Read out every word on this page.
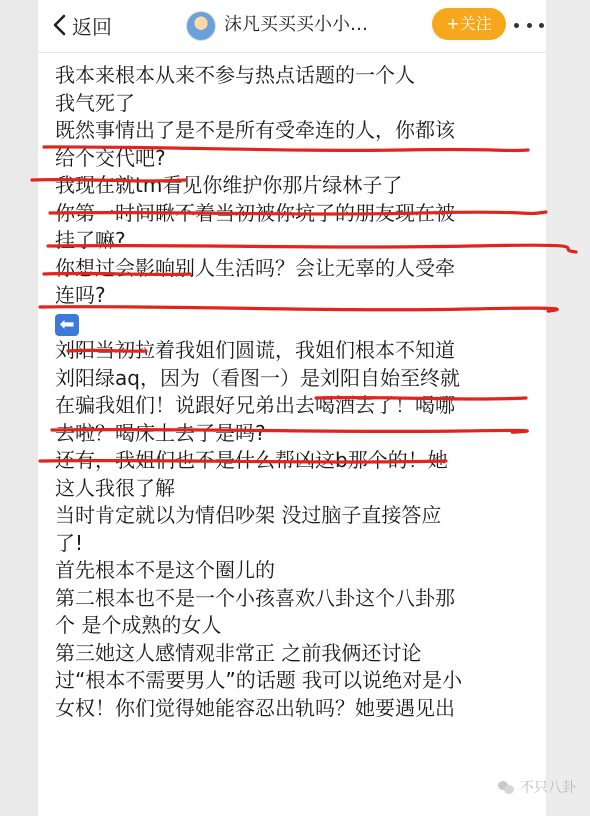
返回	沫凡买买买小小…	+关注
我本来根本从来不参与热点话题的一个人
我气死了
既然事情出了是不是所有受牵连的人，你都该
给个交代吧?
我现在就tm看见你维护你那片绿林子了
你第一时间瞅不着当初被你坑了的朋友现在被
挂了嘛?
你想过会影响别人生活吗？会让无辜的人受牵
连吗?
⬅
刘阳当初拉着我姐们圆谎，我姐们根本不知道
刘阳绿aq，因为（看图一）是刘阳自始至终就
在骗我姐们！说跟好兄弟出去喝酒去了！喝哪
去啦？喝床上去了是吗?
还有，我姐们也不是什么帮凶这b那个的！她
这人我很了解
当时肯定就以为情侣吵架 没过脑子直接答应
了!
首先根本不是这个圈儿的
第二根本也不是一个小孩喜欢八卦这个八卦那
个 是个成熟的女人
第三她这人感情观非常正 之前我俩还讨论
过“根本不需要男人”的话题 我可以说绝对是小
女权！你们觉得她能容忍出轨吗？她要遇见出
不只八卦
